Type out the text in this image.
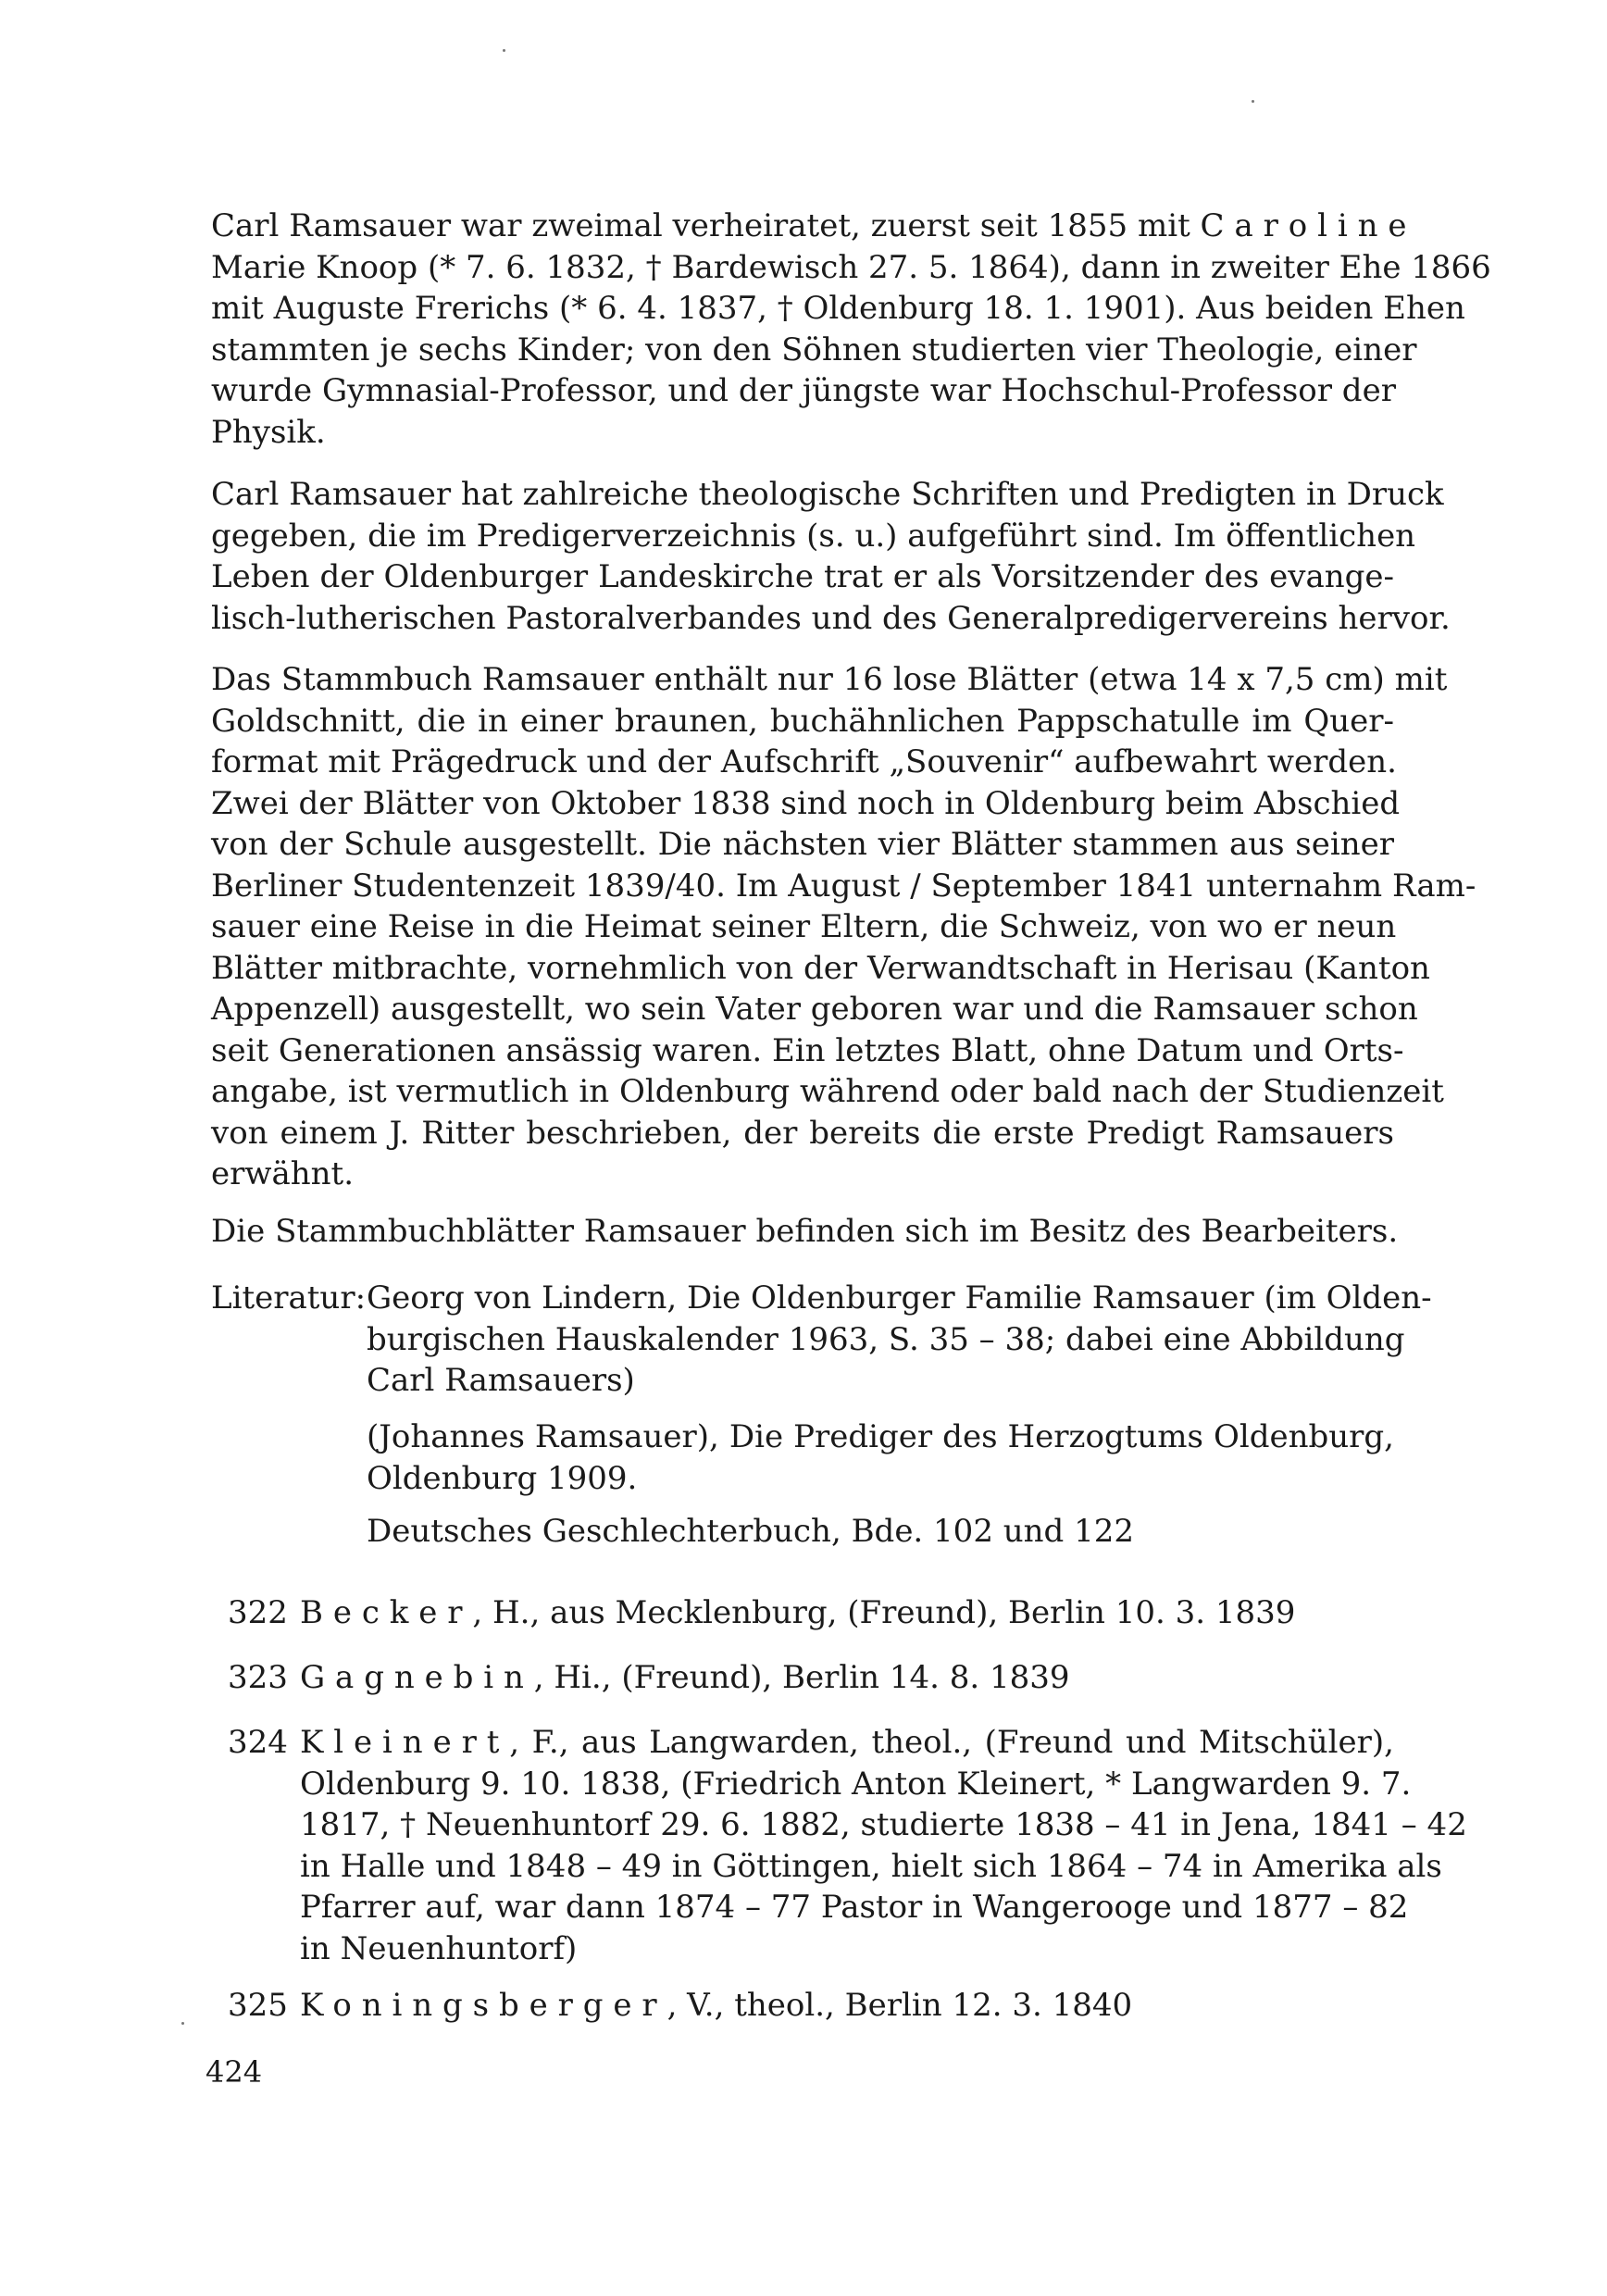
Carl Ramsauer war zweimal verheiratet, zuerst seit 1855 mit Caroline
Marie Knoop (* 7. 6. 1832, † Bardewisch 27. 5. 1864), dann in zweiter Ehe 1866
mit Auguste Frerichs (* 6. 4. 1837, † Oldenburg 18. 1. 1901). Aus beiden Ehen
stammten je sechs Kinder; von den Söhnen studierten vier Theologie, einer
wurde Gymnasial-Professor, und der jüngste war Hochschul-Professor der
Physik.
Carl Ramsauer hat zahlreiche theologische Schriften und Predigten in Druck
gegeben, die im Predigerverzeichnis (s. u.) aufgeführt sind. Im öffentlichen
Leben der Oldenburger Landeskirche trat er als Vorsitzender des evange-
lisch-lutherischen Pastoralverbandes und des Generalpredigervereins hervor.
Das Stammbuch Ramsauer enthält nur 16 lose Blätter (etwa 14 x 7,5 cm) mit
Goldschnitt, die in einer braunen, buchähnlichen Pappschatulle im Quer-
format mit Prägedruck und der Aufschrift „Souvenir“ aufbewahrt werden.
Zwei der Blätter von Oktober 1838 sind noch in Oldenburg beim Abschied
von der Schule ausgestellt. Die nächsten vier Blätter stammen aus seiner
Berliner Studentenzeit 1839/40. Im August / September 1841 unternahm Ram-
sauer eine Reise in die Heimat seiner Eltern, die Schweiz, von wo er neun
Blätter mitbrachte, vornehmlich von der Verwandtschaft in Herisau (Kanton
Appenzell) ausgestellt, wo sein Vater geboren war und die Ramsauer schon
seit Generationen ansässig waren. Ein letztes Blatt, ohne Datum und Orts-
angabe, ist vermutlich in Oldenburg während oder bald nach der Studienzeit
von einem J. Ritter beschrieben, der bereits die erste Predigt Ramsauers
erwähnt.
Die Stammbuchblätter Ramsauer befinden sich im Besitz des Bearbeiters.
Literatur: Georg von Lindern, Die Oldenburger Familie Ramsauer (im Olden-
burgischen Hauskalender 1963, S. 35 – 38; dabei eine Abbildung
Carl Ramsauers)
(Johannes Ramsauer), Die Prediger des Herzogtums Oldenburg,
Oldenburg 1909.
Deutsches Geschlechterbuch, Bde. 102 und 122
322 Becker, H., aus Mecklenburg, (Freund), Berlin 10. 3. 1839
323 Gagnebin, Hi., (Freund), Berlin 14. 8. 1839
324 Kleinert, F., aus Langwarden, theol., (Freund und Mitschüler),
Oldenburg 9. 10. 1838, (Friedrich Anton Kleinert, * Langwarden 9. 7.
1817, † Neuenhuntorf 29. 6. 1882, studierte 1838 – 41 in Jena, 1841 – 42
in Halle und 1848 – 49 in Göttingen, hielt sich 1864 – 74 in Amerika als
Pfarrer auf, war dann 1874 – 77 Pastor in Wangerooge und 1877 – 82
in Neuenhuntorf)
325 Koningsberger, V., theol., Berlin 12. 3. 1840
424
